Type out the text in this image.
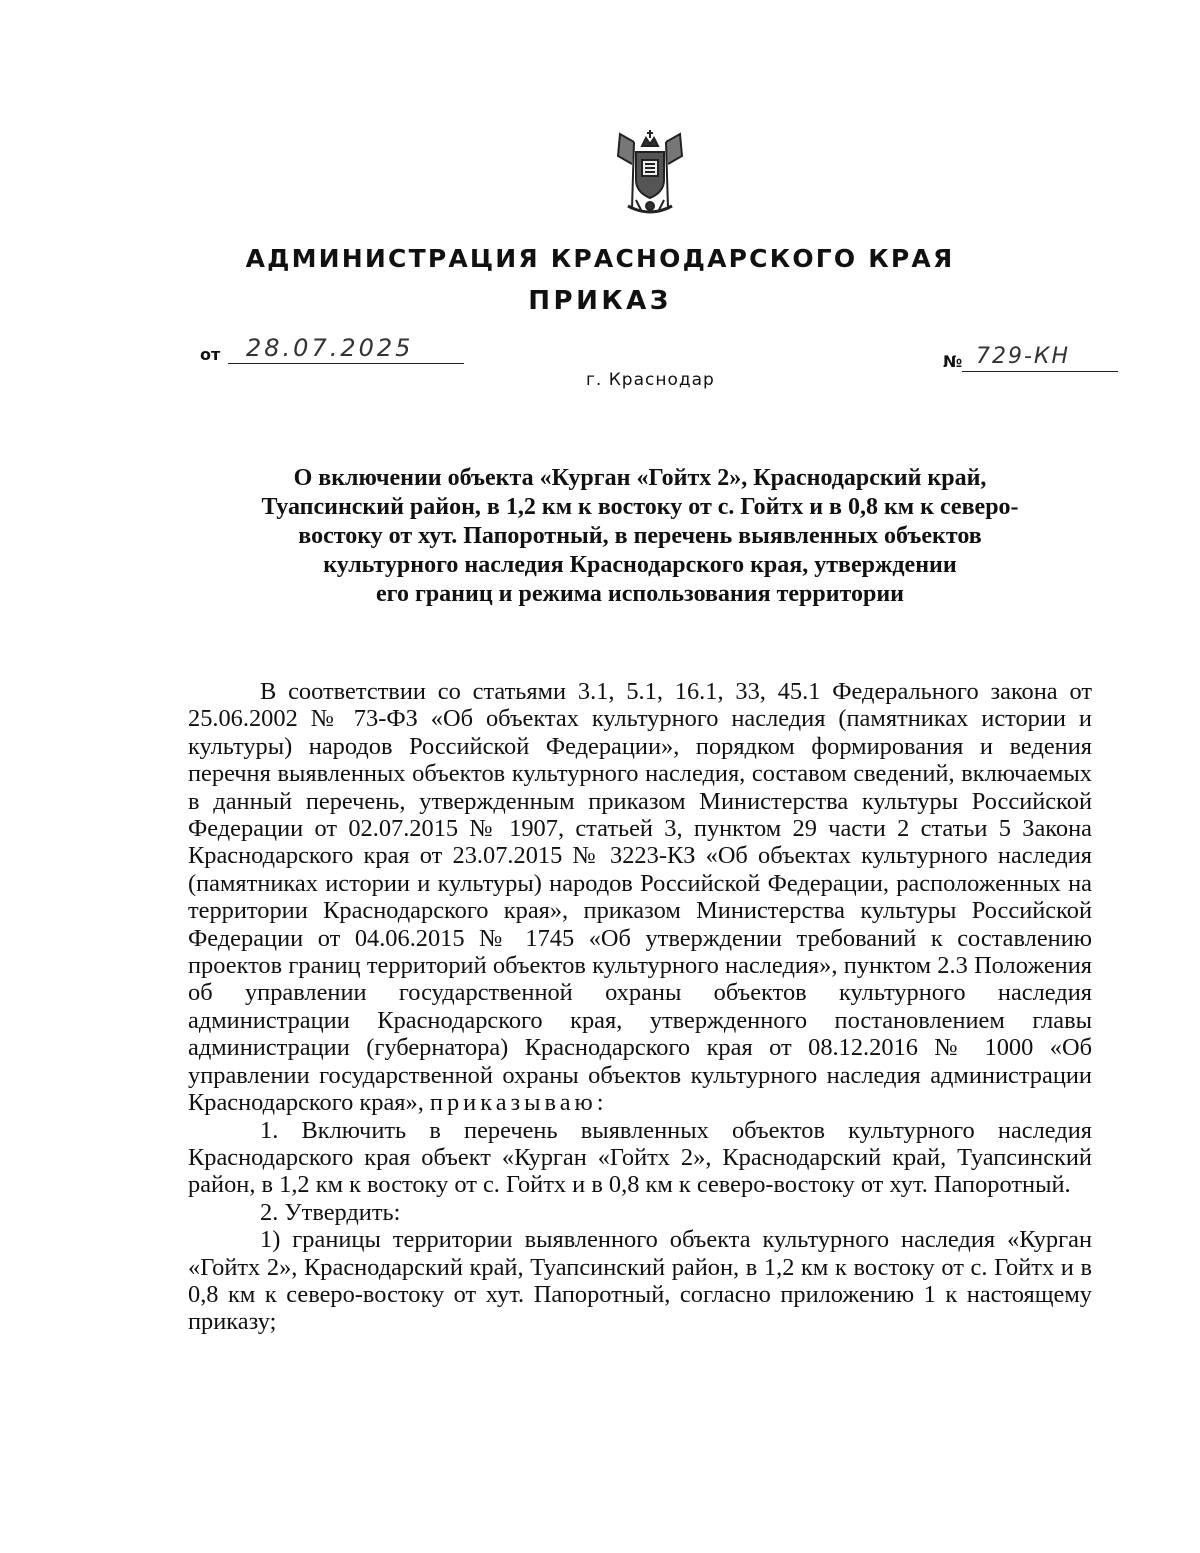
АДМИНИСТРАЦИЯ КРАСНОДАРСКОГО КРАЯ
ПРИКАЗ
от	28.07.2025	№ 729-КН
г. Краснодар
О включении объекта «Курган «Гойтх 2», Краснодарский край,
Туапсинский район, в 1,2 км к востоку от с. Гойтх и в 0,8 км к северо-
востоку от хут. Папоротный, в перечень выявленных объектов
культурного наследия Краснодарского края, утверждении
его границ и режима использования территории

В соответствии со статьями 3.1, 5.1, 16.1, 33, 45.1 Федерального закона от 25.06.2002 № 73-ФЗ «Об объектах культурного наследия (памятниках истории и культуры) народов Российской Федерации», порядком формирования и ведения перечня выявленных объектов культурного наследия, составом сведений, включаемых в данный перечень, утвержденным приказом Министерства культуры Российской Федерации от 02.07.2015 № 1907, статьей 3, пунктом 29 части 2 статьи 5 Закона Краснодарского края от 23.07.2015 № 3223-КЗ «Об объектах культурного наследия (памятниках истории и культуры) народов Российской Федерации, расположенных на территории Краснодарского края», приказом Министерства культуры Российской Федерации от 04.06.2015 № 1745 «Об утверждении требований к составлению проектов границ территорий объектов культурного наследия», пунктом 2.3 Положения об управлении государственной охраны объектов культурного наследия администрации Краснодарского края, утвержденного постановлением главы администрации (губернатора) Краснодарского края от 08.12.2016 № 1000 «Об управлении государственной охраны объектов культурного наследия администрации Краснодарского края», приказываю:

1. Включить в перечень выявленных объектов культурного наследия Краснодарского края объект «Курган «Гойтх 2», Краснодарский край, Туапсинский район, в 1,2 км к востоку от с. Гойтх и в 0,8 км к северо-востоку от хут. Папоротный.

2. Утвердить:

1) границы территории выявленного объекта культурного наследия «Курган «Гойтх 2», Краснодарский край, Туапсинский район, в 1,2 км к востоку от с. Гойтх и в 0,8 км к северо-востоку от хут. Папоротный, согласно приложению 1 к настоящему приказу;
